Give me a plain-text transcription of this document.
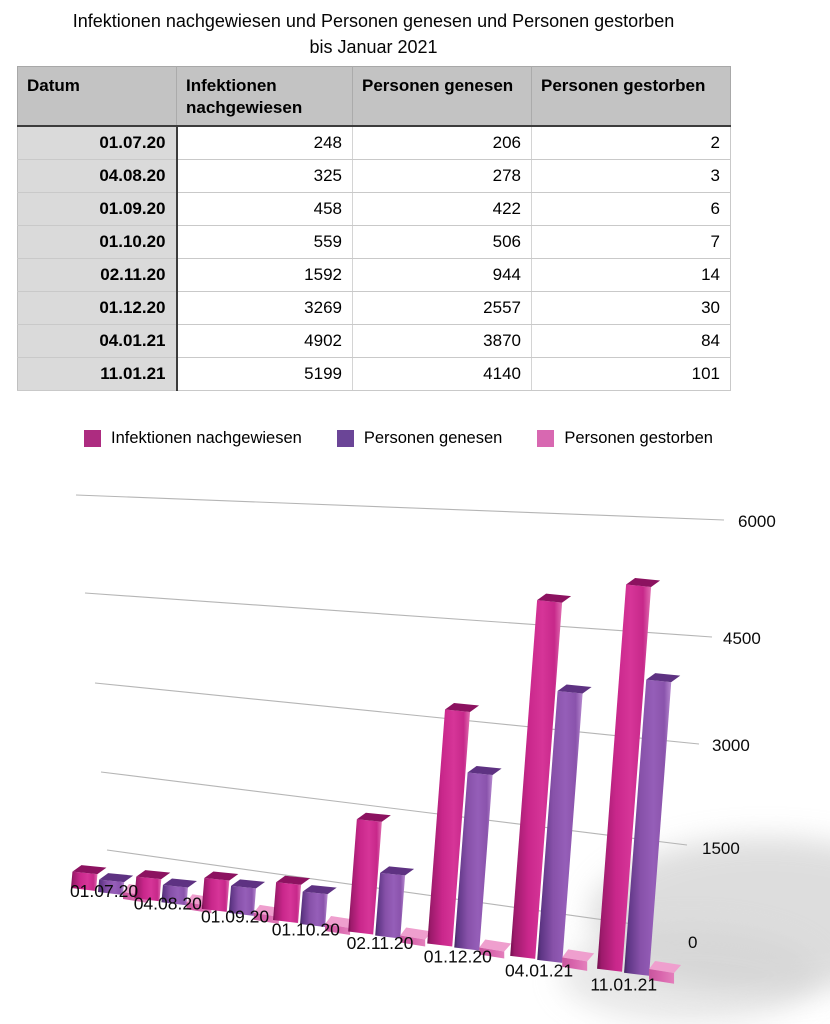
Infektionen nachgewiesen und Personen genesen und Personen gestorben
bis Januar 2021
Datum	Infektionen nachgewiesen	Personen genesen	Personen gestorben
01.07.20	248	206	2
04.08.20	325	278	3
01.09.20	458	422	6
01.10.20	559	506	7
02.11.20	1592	944	14
01.12.20	3269	2557	30
04.01.21	4902	3870	84
11.01.21	5199	4140	101
Infektionen nachgewiesen	Personen genesen	Personen gestorben
6000
4500
3000
1500
0
01.07.20
04.08.20
01.09.20
01.10.20
02.11.20
01.12.20
04.01.21
11.01.21
